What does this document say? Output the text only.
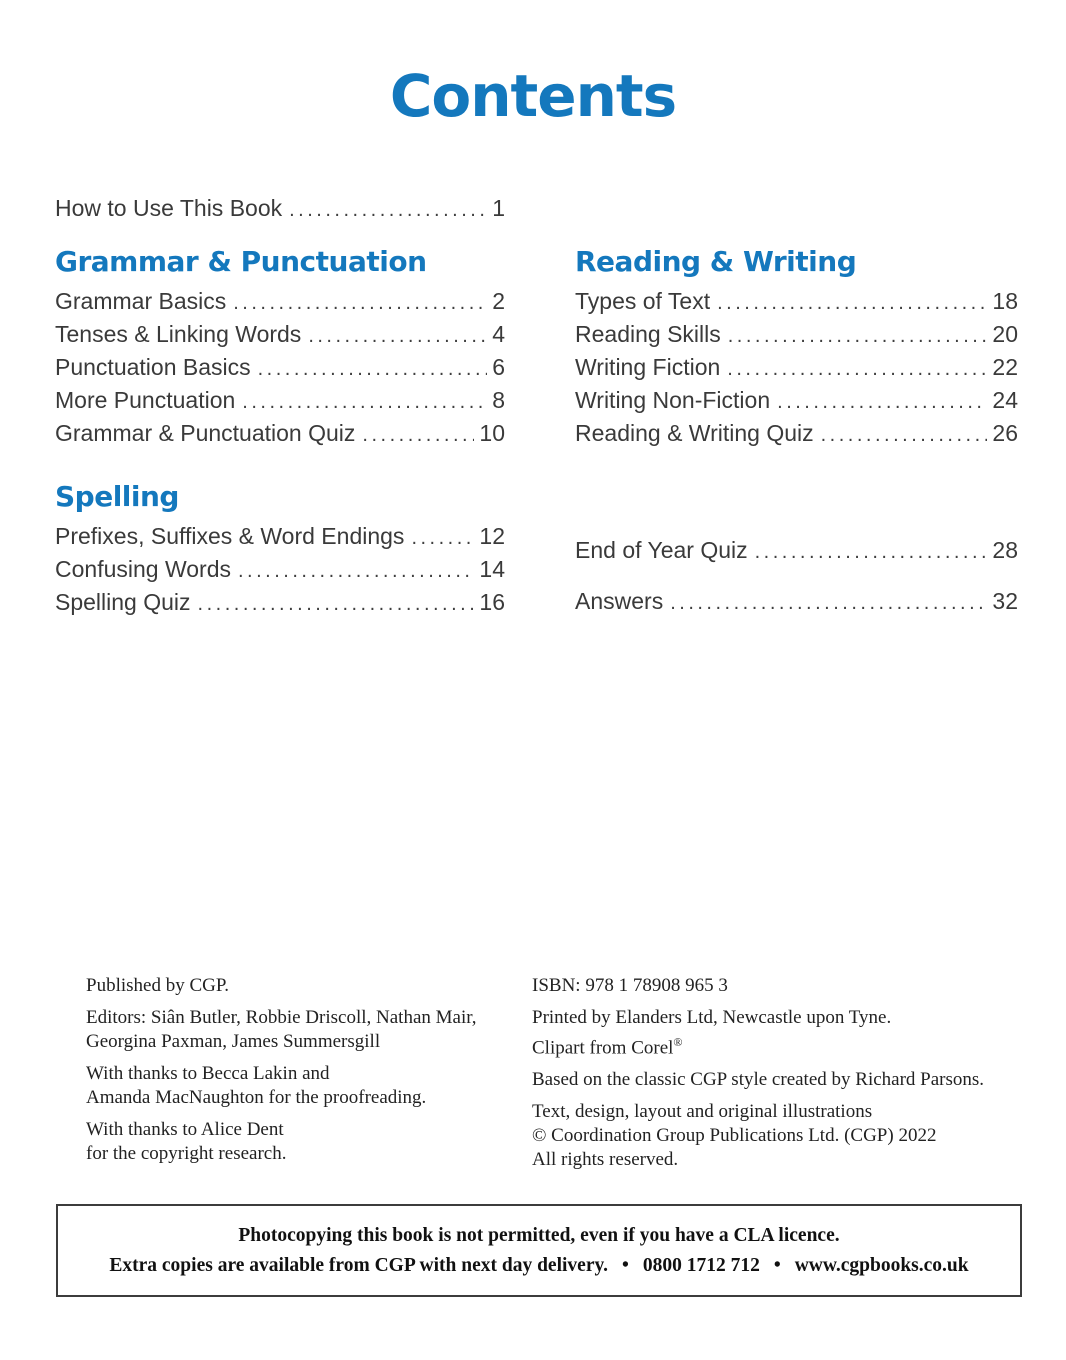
Contents
How to Use This Book .....	1
Grammar & Punctuation
Grammar Basics .....	2
Tenses & Linking Words .....	4
Punctuation Basics .....	6
More Punctuation .....	8
Grammar & Punctuation Quiz .....	10
Spelling
Prefixes, Suffixes & Word Endings .....	12
Confusing Words .....	14
Spelling Quiz .....	16
Reading & Writing
Types of Text .....	18
Reading Skills .....	20
Writing Fiction .....	22
Writing Non-Fiction .....	24
Reading & Writing Quiz .....	26
End of Year Quiz .....	28
Answers .....	32

Published by CGP.

Editors: Siân Butler, Robbie Driscoll, Nathan Mair,
Georgina Paxman, James Summersgill

With thanks to Becca Lakin and
Amanda MacNaughton for the proofreading.

With thanks to Alice Dent
for the copyright research.

ISBN: 978 1 78908 965 3

Printed by Elanders Ltd, Newcastle upon Tyne.
Clipart from Corel®

Based on the classic CGP style created by Richard Parsons.

Text, design, layout and original illustrations
© Coordination Group Publications Ltd. (CGP) 2022
All rights reserved.

Photocopying this book is not permitted, even if you have a CLA licence.
Extra copies are available from CGP with next day delivery. • 0800 1712 712 • www.cgpbooks.co.uk
